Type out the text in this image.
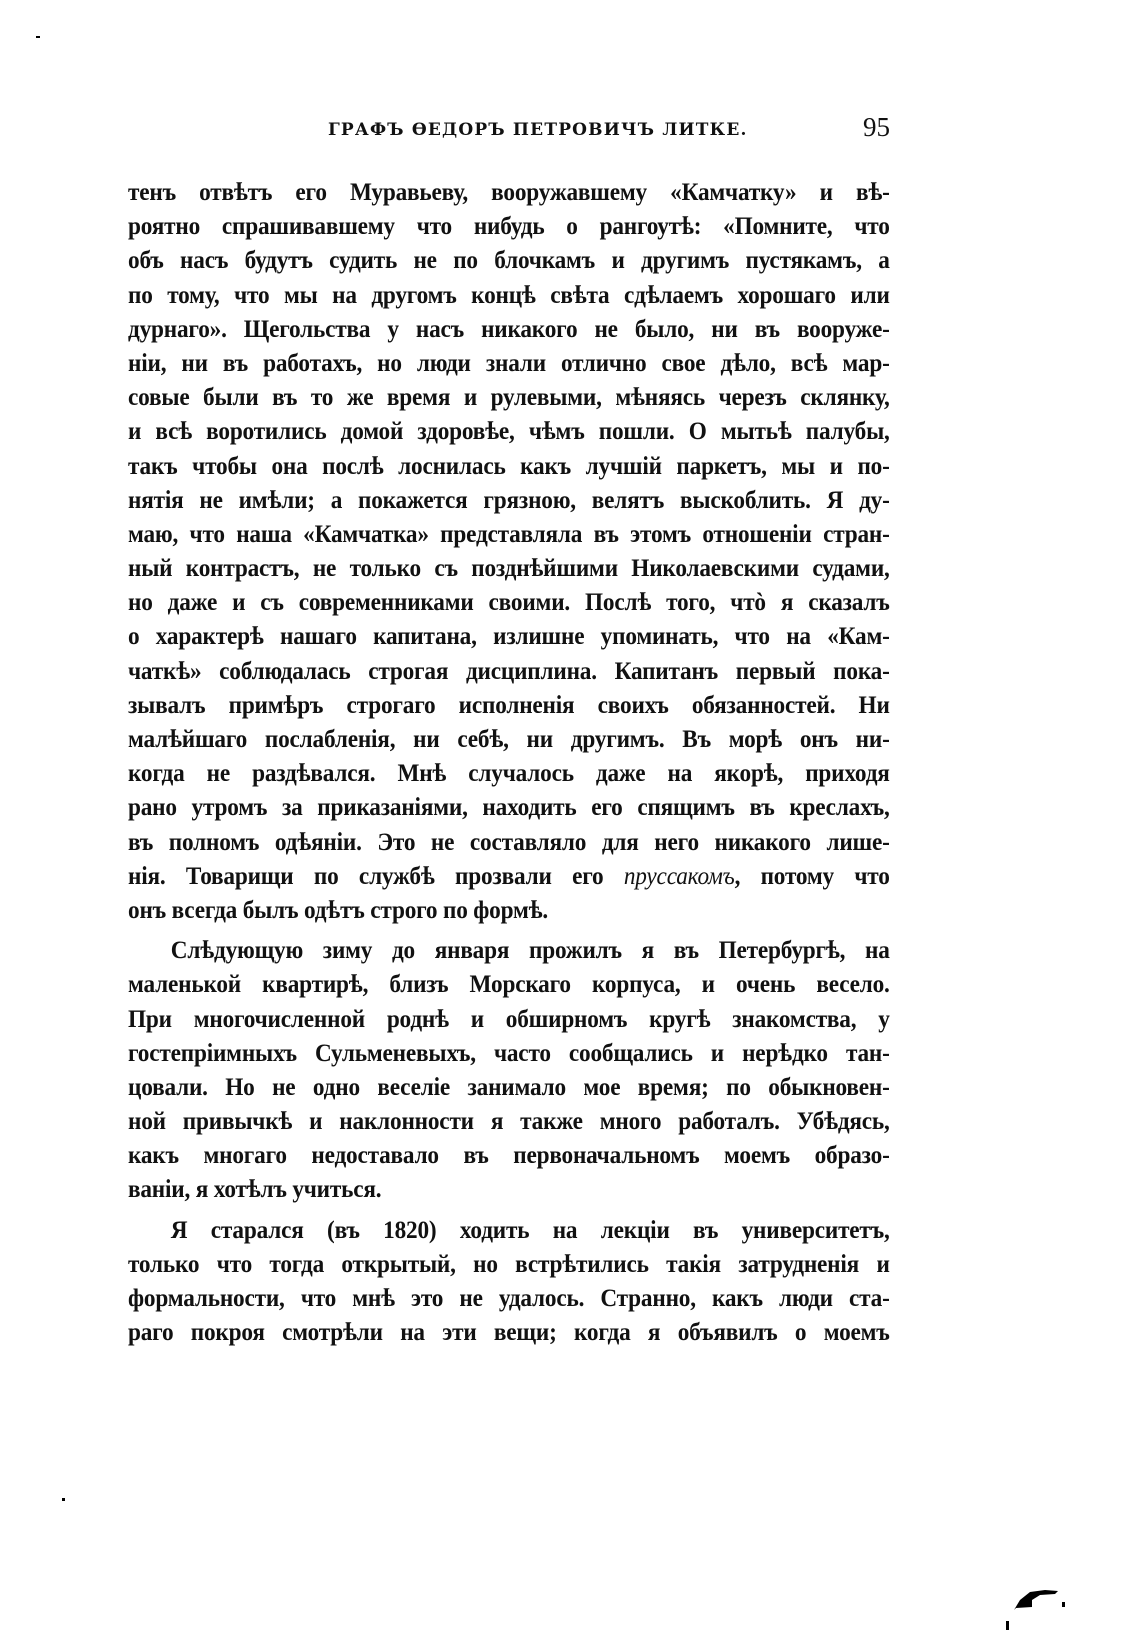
ГРАФЪ ѲЕДОРЪ ПЕТРОВИЧЪ ЛИТКЕ.	95
тенъ отвѣтъ его Муравьеву, вооружавшему «Камчатку» и вѣ-
роятно спрашивавшему что нибудь о рангоутѣ: «Помните, что
объ насъ будутъ судить не по блочкамъ и другимъ пустякамъ, а
по тому, что мы на другомъ концѣ свѣта сдѣлаемъ хорошаго или
дурнаго». Щегольства у насъ никакого не было, ни въ вооруже-
ніи, ни въ работахъ, но люди знали отлично свое дѣло, всѣ мар-
совые были въ то же время и рулевыми, мѣняясь черезъ склянку,
и всѣ воротились домой здоровѣе, чѣмъ пошли. О мытьѣ палубы,
такъ чтобы она послѣ лоснилась какъ лучшій паркетъ, мы и по-
нятія не имѣли; а покажется грязною, велятъ выскоблить. Я ду-
маю, что наша «Камчатка» представляла въ этомъ отношеніи стран-
ный контрастъ, не только съ позднѣйшими Николаевскими судами,
но даже и съ современниками своими. Послѣ того, чтò я сказалъ
о характерѣ нашаго капитана, излишне упоминать, что на «Кам-
чаткѣ» соблюдалась строгая дисциплина. Капитанъ первый пока-
зывалъ примѣръ строгаго исполненія своихъ обязанностей. Ни
малѣйшаго послабленія, ни себѣ, ни другимъ. Въ морѣ онъ ни-
когда не раздѣвался. Мнѣ случалось даже на якорѣ, приходя
рано утромъ за приказаніями, находить его спящимъ въ креслахъ,
въ полномъ одѣяніи. Это не составляло для него никакого лише-
нія. Товарищи по службѣ прозвали его пруссакомъ, потому что
онъ всегда былъ одѣтъ строго по формѣ.
Слѣдующую зиму до января прожилъ я въ Петербургѣ, на
маленькой квартирѣ, близъ Морскаго корпуса, и очень весело.
При многочисленной роднѣ и обширномъ кругѣ знакомства, у
гостепріимныхъ Сульменевыхъ, часто сообщались и нерѣдко тан-
цовали. Но не одно веселіе занимало мое время; по обыкновен-
ной привычкѣ и наклонности я также много работалъ. Убѣдясь,
какъ многаго недоставало въ первоначальномъ моемъ образо-
ваніи, я хотѣлъ учиться.
Я старался (въ 1820) ходить на лекціи въ университетъ,
только что тогда открытый, но встрѣтились такія затрудненія и
формальности, что мнѣ это не удалось. Странно, какъ люди ста-
раго покроя смотрѣли на эти вещи; когда я объявилъ о моемъ
